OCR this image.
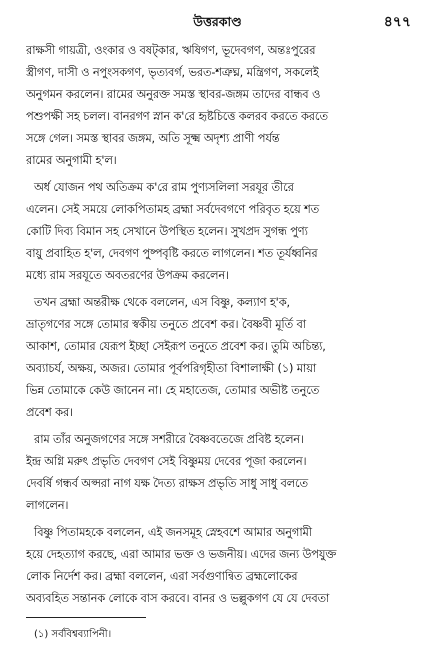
উত্তরকাণ্ড	৪৭৭
রাক্ষসী গায়ত্রী, ওংকার ও বষট্‌কার, ঋষিগণ, ভূদেবগণ, অন্তঃপুরের
স্ত্রীগণ, দাসী ও নপুংসকগণ, ভৃত্যবর্গ, ভরত-শত্রুঘ্ন, মন্ত্রিগণ, সকলেই
অনুগমন করলেন। রামের অনুরক্ত সমস্ত স্থাবর‑জঙ্গম তাদের বান্ধব ও
পশুপক্ষী সহ চলল। বানরগণ স্নান ক'রে হৃষ্টচিত্তে কলরব করতে করতে
সঙ্গে গেল। সমস্ত স্থাবর জঙ্গম, অতি সূক্ষ্ম অদৃশ্য প্রাণী পর্যন্ত
রামের অনুগামী হ'ল।
অর্ধ যোজন পথ অতিক্রম ক'রে রাম পুণ্যসলিলা সরযূর তীরে
এলেন। সেই সময়ে লোকপিতামহ ব্রহ্মা সর্বদেবগণে পরিবৃত হয়ে শত
কোটি দিব্য বিমান সহ সেখানে উপস্থিত হলেন। সুখপ্রদ সুগন্ধ পুণ্য
বায়ু প্রবাহিত হ'ল, দেবগণ পুষ্পবৃষ্টি করতে লাগলেন। শত তূর্যধ্বনির
মধ্যে রাম সরযূতে অবতরণের উপক্রম করলেন।
তখন ব্রহ্মা অন্তরীক্ষ থেকে বললেন, এস বিষ্ণু, কল্যাণ হ'ক,
ভ্রাতৃগণের সঙ্গে তোমার স্বকীয় তনুতে প্রবেশ কর। বৈষ্ণবী মূর্তি বা
আকাশ, তোমার যেরূপ ইচ্ছা সেইরূপ তনুতে প্রবেশ কর। তুমি অচিন্ত্য,
অব্যাচর্য, অক্ষয়, অজর। তোমার পূর্বপরিগৃহীতা বিশালাক্ষী (১) মায়া
ভিন্ন তোমাকে কেউ জানেন না। হে মহাতেজ, তোমার অভীষ্ট তনুতে
প্রবেশ কর।
রাম তাঁর অনুজগণের সঙ্গে সশরীরে বৈষ্ণবতেজে প্রবিষ্ট হলেন।
ইন্দ্র অগ্নি মরুৎ প্রভৃতি দেবগণ সেই বিষ্ণুময় দেবের পূজা করলেন।
দেবর্ষি গন্ধর্ব অপ্সরা নাগ যক্ষ দৈত্য রাক্ষস প্রভৃতি সাধু সাধু বলতে
লাগলেন।
বিষ্ণু পিতামহকে বললেন, এই জনসমূহ স্নেহবশে আমার অনুগামী
হয়ে দেহত্যাগ করছে, এরা আমার ভক্ত ও ভজনীয়। এদের জন্য উপযুক্ত
লোক নির্দেশ কর। ব্রহ্মা বললেন, এরা সর্বগুণান্বিত ব্রহ্মলোকের
অব্যবহিত সন্তানক লোকে বাস করবে। বানর ও ভল্লুকগণ যে যে দেবতা
(১) সর্ববিশ্বব্যাপিনী।
